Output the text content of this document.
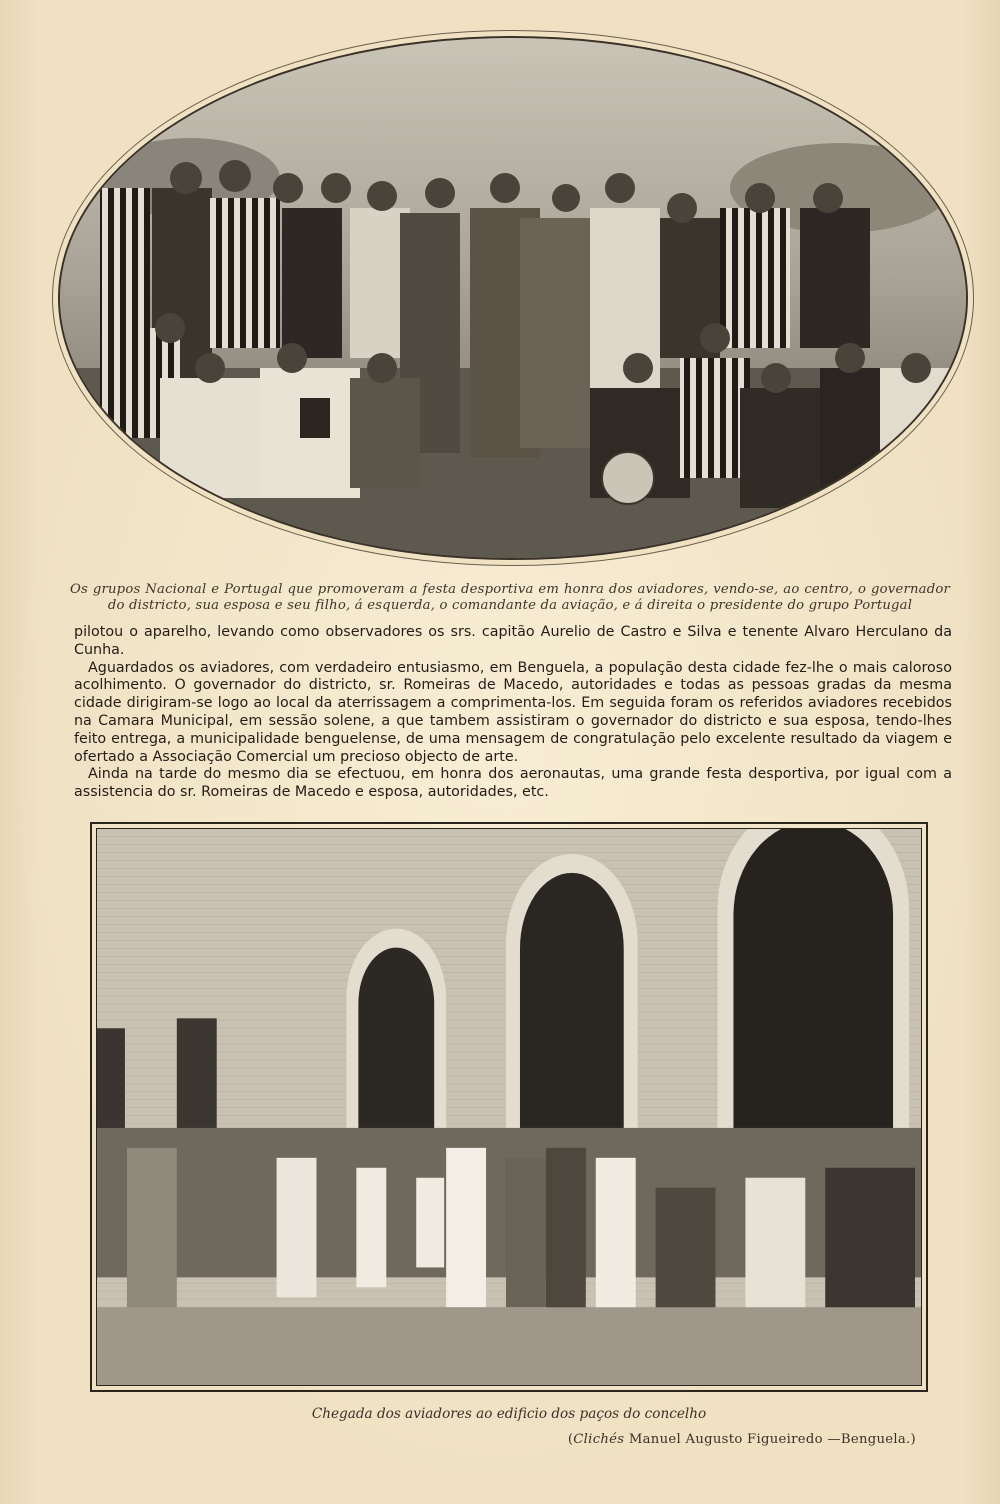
Os grupos Nacional e Portugal que promoveram a festa desportiva em honra dos aviadores, vendo-se, ao centro, o governador do districto, sua esposa e seu filho, á esquerda, o comandante da aviação, e á direita o presidente do grupo Portugal

pilotou o aparelho, levando como observadores os srs. capitão Aurelio de Castro e Silva e tenente Alvaro Herculano da Cunha.

Aguardados os aviadores, com verdadeiro entusiasmo, em Benguela, a população desta cidade fez-lhe o mais caloroso acolhimento. O governador do districto, sr. Romeiras de Macedo, autoridades e todas as pessoas gradas da mesma cidade dirigiram-se logo ao local da aterrissagem a comprimenta-los. Em seguida foram os referidos aviadores recebidos na Camara Municipal, em sessão solene, a que tambem assistiram o governador do districto e sua esposa, tendo-lhes feito entrega, a municipalidade benguelense, de uma mensagem de congratulação pelo excelente resultado da viagem e ofertado a Associação Comercial um precioso objecto de arte.

Ainda na tarde do mesmo dia se efectuou, em honra dos aeronautas, uma grande festa desportiva, por igual com a assistencia do sr. Romeiras de Macedo e esposa, autoridades, etc.

Chegada dos aviadores ao edificio dos paços do concelho
(Clichés Manuel Augusto Figueiredo —Benguela.)
